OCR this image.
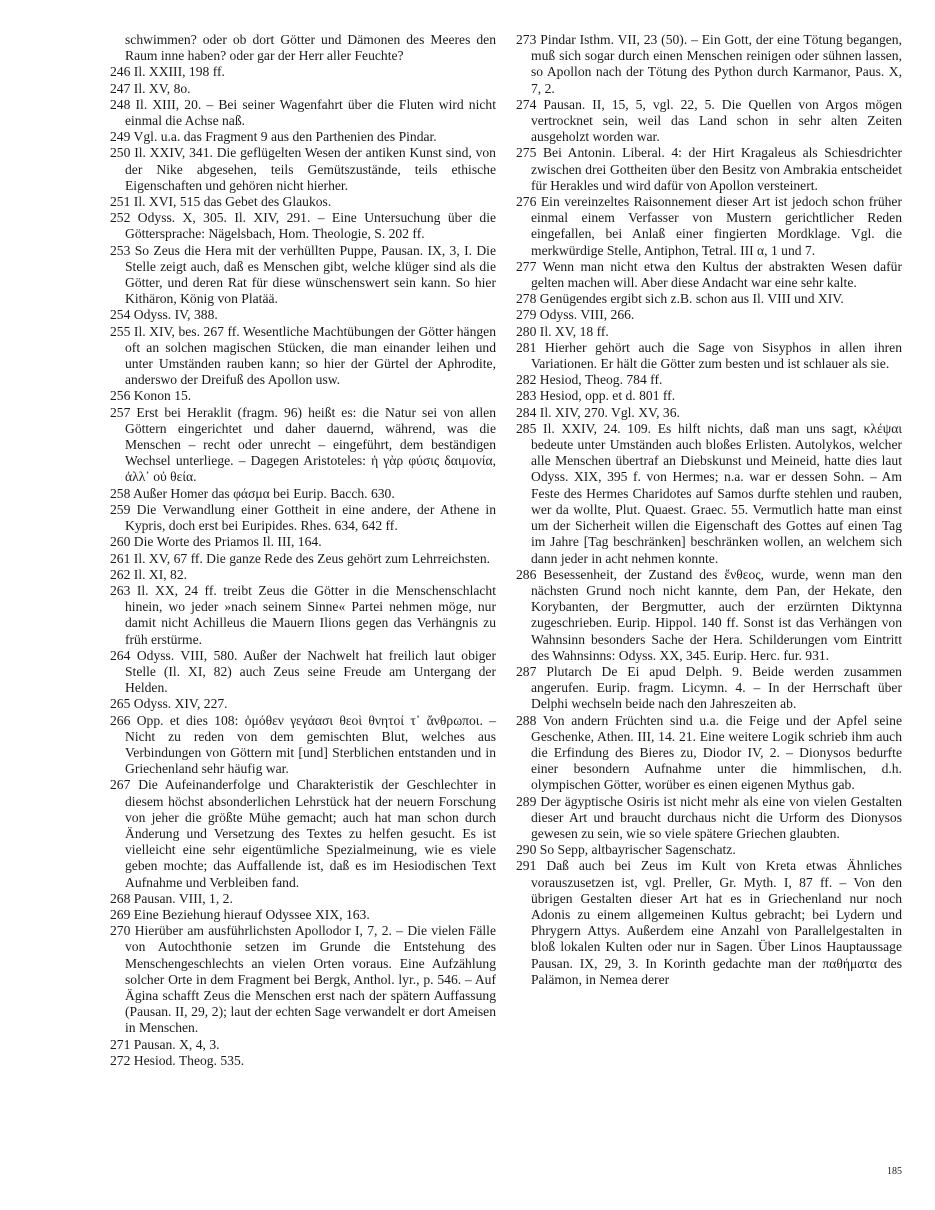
schwimmen? oder ob dort Götter und Dämonen des Meeres den Raum inne haben? oder gar der Herr aller Feuchte?

246 Il. XXIII, 198 ff.

247 Il. XV, 8o.

248 Il. XIII, 20. – Bei seiner Wagenfahrt über die Fluten wird nicht einmal die Achse naß.

249 Vgl. u.a. das Fragment 9 aus den Parthenien des Pindar.

250 Il. XXIV, 341. Die geflügelten Wesen der antiken Kunst sind, von der Nike abgesehen, teils Gemütszustände, teils ethische Eigenschaften und gehören nicht hierher.

251 Il. XVI, 515 das Gebet des Glaukos.

252 Odyss. X, 305. Il. XIV, 291. – Eine Untersuchung über die Göttersprache: Nägelsbach, Hom. Theologie, S. 202 ff.

253 So Zeus die Hera mit der verhüllten Puppe, Pausan. IX, 3, I. Die Stelle zeigt auch, daß es Menschen gibt, welche klüger sind als die Götter, und deren Rat für diese wünschenswert sein kann. So hier Kithäron, König von Platää.

254 Odyss. IV, 388.

255 Il. XIV, bes. 267 ff. Wesentliche Machtübungen der Götter hängen oft an solchen magischen Stücken, die man einander leihen und unter Umständen rauben kann; so hier der Gürtel der Aphrodite, anderswo der Dreifuß des Apollon usw.

256 Konon 15.

257 Erst bei Heraklit (fragm. 96) heißt es: die Natur sei von allen Göttern eingerichtet und daher dauernd, während, was die Menschen – recht oder unrecht – eingeführt, dem beständigen Wechsel unterliege. – Dagegen Aristoteles: ἡ γὰρ φύσις δαιμονία, ἀλλ᾽ οὐ θεία.

258 Außer Homer das φάσμα bei Eurip. Bacch. 630.

259 Die Verwandlung einer Gottheit in eine andere, der Athene in Kypris, doch erst bei Euripides. Rhes. 634, 642 ff.

260 Die Worte des Priamos Il. III, 164.

261 Il. XV, 67 ff. Die ganze Rede des Zeus gehört zum Lehrreichsten.

262 Il. XI, 82.

263 Il. XX, 24 ff. treibt Zeus die Götter in die Menschenschlacht hinein, wo jeder »nach seinem Sinne« Partei nehmen möge, nur damit nicht Achilleus die Mauern Ilions gegen das Verhängnis zu früh erstürme.

264 Odyss. VIII, 580. Außer der Nachwelt hat freilich laut obiger Stelle (Il. XI, 82) auch Zeus seine Freude am Untergang der Helden.

265 Odyss. XIV, 227.

266 Opp. et dies 108: ὁμόθεν γεγάασι θεοὶ θνητοί τ᾽ ἄνθρωποι. – Nicht zu reden von dem gemischten Blut, welches aus Verbindungen von Göttern mit [und] Sterblichen entstanden und in Griechenland sehr häufig war.

267 Die Aufeinanderfolge und Charakteristik der Geschlechter in diesem höchst absonderlichen Lehrstück hat der neuern Forschung von jeher die größte Mühe gemacht; auch hat man schon durch Änderung und Versetzung des Textes zu helfen gesucht. Es ist vielleicht eine sehr eigentümliche Spezialmeinung, wie es viele geben mochte; das Auffallende ist, daß es im Hesiodischen Text Aufnahme und Verbleiben fand.

268 Pausan. VIII, 1, 2.

269 Eine Beziehung hierauf Odyssee XIX, 163.

270 Hierüber am ausführlichsten Apollodor I, 7, 2. – Die vielen Fälle von Autochthonie setzen im Grunde die Entstehung des Menschengeschlechts an vielen Orten voraus. Eine Aufzählung solcher Orte in dem Fragment bei Bergk, Anthol. lyr., p. 546. – Auf Ägina schafft Zeus die Menschen erst nach der spätern Auffassung (Pausan. II, 29, 2); laut der echten Sage verwandelt er dort Ameisen in Menschen.

271 Pausan. X, 4, 3.

272 Hesiod. Theog. 535.

273 Pindar Isthm. VII, 23 (50). – Ein Gott, der eine Tötung begangen, muß sich sogar durch einen Menschen reinigen oder sühnen lassen, so Apollon nach der Tötung des Python durch Karmanor, Paus. X, 7, 2.

274 Pausan. II, 15, 5, vgl. 22, 5. Die Quellen von Argos mögen vertrocknet sein, weil das Land schon in sehr alten Zeiten ausgeholzt worden war.

275 Bei Antonin. Liberal. 4: der Hirt Kragaleus als Schiesdrichter zwischen drei Gottheiten über den Besitz von Ambrakia entscheidet für Herakles und wird dafür von Apollon versteinert.

276 Ein vereinzeltes Raisonnement dieser Art ist jedoch schon früher einmal einem Verfasser von Mustern gerichtlicher Reden eingefallen, bei Anlaß einer fingierten Mordklage. Vgl. die merkwürdige Stelle, Antiphon, Tetral. III α, 1 und 7.

277 Wenn man nicht etwa den Kultus der abstrakten Wesen dafür gelten machen will. Aber diese Andacht war eine sehr kalte.

278 Genügendes ergibt sich z.B. schon aus Il. VIII und XIV.

279 Odyss. VIII, 266.

280 Il. XV, 18 ff.

281 Hierher gehört auch die Sage von Sisyphos in allen ihren Variationen. Er hält die Götter zum besten und ist schlauer als sie.

282 Hesiod, Theog. 784 ff.

283 Hesiod, opp. et d. 801 ff.

284 Il. XIV, 270. Vgl. XV, 36.

285 Il. XXIV, 24. 109. Es hilft nichts, daß man uns sagt, κλέψαι bedeute unter Umständen auch bloßes Erlisten. Autolykos, welcher alle Menschen übertraf an Diebskunst und Meineid, hatte dies laut Odyss. XIX, 395 f. von Hermes; n.a. war er dessen Sohn. – Am Feste des Hermes Charidotes auf Samos durfte stehlen und rauben, wer da wollte, Plut. Quaest. Graec. 55. Vermutlich hatte man einst um der Sicherheit willen die Eigenschaft des Gottes auf einen Tag im Jahre [Tag beschränken] beschränken wollen, an welchem sich dann jeder in acht nehmen konnte.

286 Besessenheit, der Zustand des ἔνθεος, wurde, wenn man den nächsten Grund noch nicht kannte, dem Pan, der Hekate, den Korybanten, der Bergmutter, auch der erzürnten Diktynna zugeschrieben. Eurip. Hippol. 140 ff. Sonst ist das Verhängen von Wahnsinn besonders Sache der Hera. Schilderungen vom Eintritt des Wahnsinns: Odyss. XX, 345. Eurip. Herc. fur. 931.

287 Plutarch De Ei apud Delph. 9. Beide werden zusammen angerufen. Eurip. fragm. Licymn. 4. – In der Herrschaft über Delphi wechseln beide nach den Jahreszeiten ab.

288 Von andern Früchten sind u.a. die Feige und der Apfel seine Geschenke, Athen. III, 14. 21. Eine weitere Logik schrieb ihm auch die Erfindung des Bieres zu, Diodor IV, 2. – Dionysos bedurfte einer besondern Aufnahme unter die himmlischen, d.h. olympischen Götter, worüber es einen eigenen Mythus gab.

289 Der ägyptische Osiris ist nicht mehr als eine von vielen Gestalten dieser Art und braucht durchaus nicht die Urform des Dionysos gewesen zu sein, wie so viele spätere Griechen glaubten.

290 So Sepp, altbayrischer Sagenschatz.

291 Daß auch bei Zeus im Kult von Kreta etwas Ähnliches vorauszusetzen ist, vgl. Preller, Gr. Myth. I, 87 ff. – Von den übrigen Gestalten dieser Art hat es in Griechenland nur noch Adonis zu einem allgemeinen Kultus gebracht; bei Lydern und Phrygern Attys. Außerdem eine Anzahl von Parallelgestalten in bloß lokalen Kulten oder nur in Sagen. Über Linos Hauptaussage Pausan. IX, 29, 3. In Korinth gedachte man der παθήματα des Palämon, in Nemea derer

185
